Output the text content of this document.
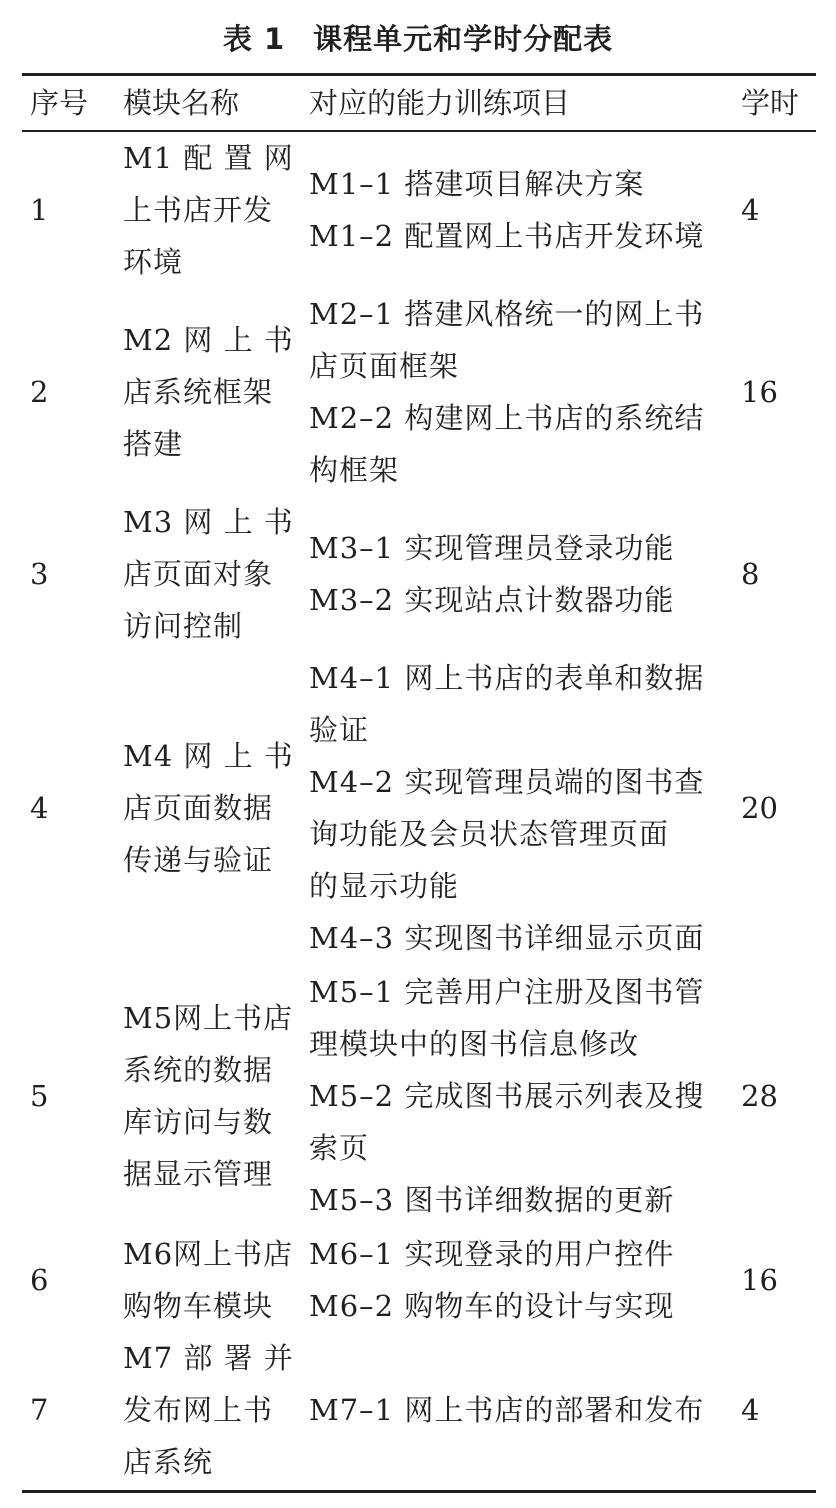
表 1 课程单元和学时分配表
序号 模块名称 对应的能力训练项目	学时
1
M1 配 置 网
上书店开发
环境
M1–1 搭建项目解决方案
M1–2 配置网上书店开发环境
4
2
M2 网 上 书
店系统框架
搭建
M2–1 搭建风格统一的网上书
店页面框架
M2–2 构建网上书店的系统结
构框架
16
3
M3 网 上 书
店页面对象
访问控制
M3–1 实现管理员登录功能
M3–2 实现站点计数器功能
8
4
M4 网 上 书
店页面数据
传递与验证
M4–1 网上书店的表单和数据
验证
M4–2 实现管理员端的图书查
询功能及会员状态管理页面
的显示功能
M4–3 实现图书详细显示页面
20
5
M5网上书店
系统的数据
库访问与数
据显示管理
M5–1 完善用户注册及图书管
理模块中的图书信息修改
M5–2 完成图书展示列表及搜
索页
M5–3 图书详细数据的更新
28
6
M6网上书店
购物车模块
M6–1 实现登录的用户控件
M6–2 购物车的设计与实现
16
7
M7 部 署 并
发布网上书
店系统
M7–1 网上书店的部署和发布 4
